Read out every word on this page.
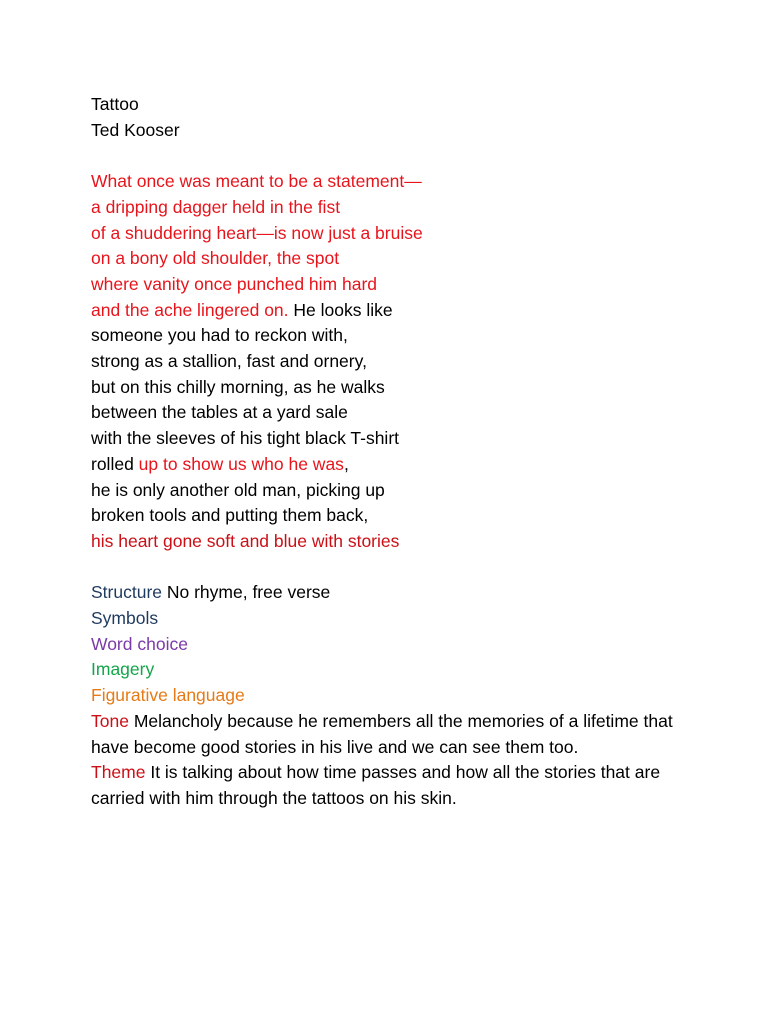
Tattoo
Ted Kooser
What once was meant to be a statement—
a dripping dagger held in the fist
of a shuddering heart—is now just a bruise
on a bony old shoulder, the spot
where vanity once punched him hard
and the ache lingered on. He looks like
someone you had to reckon with,
strong as a stallion, fast and ornery,
but on this chilly morning, as he walks
between the tables at a yard sale
with the sleeves of his tight black T-shirt
rolled up to show us who he was,
he is only another old man, picking up
broken tools and putting them back,
his heart gone soft and blue with stories
Structure No rhyme, free verse
Symbols
Word choice
Imagery
Figurative language
Tone Melancholy because he remembers all the memories of a lifetime that have become good stories in his live and we can see them too.
Theme It is talking about how time passes and how all the stories that are carried with him through the tattoos on his skin.
